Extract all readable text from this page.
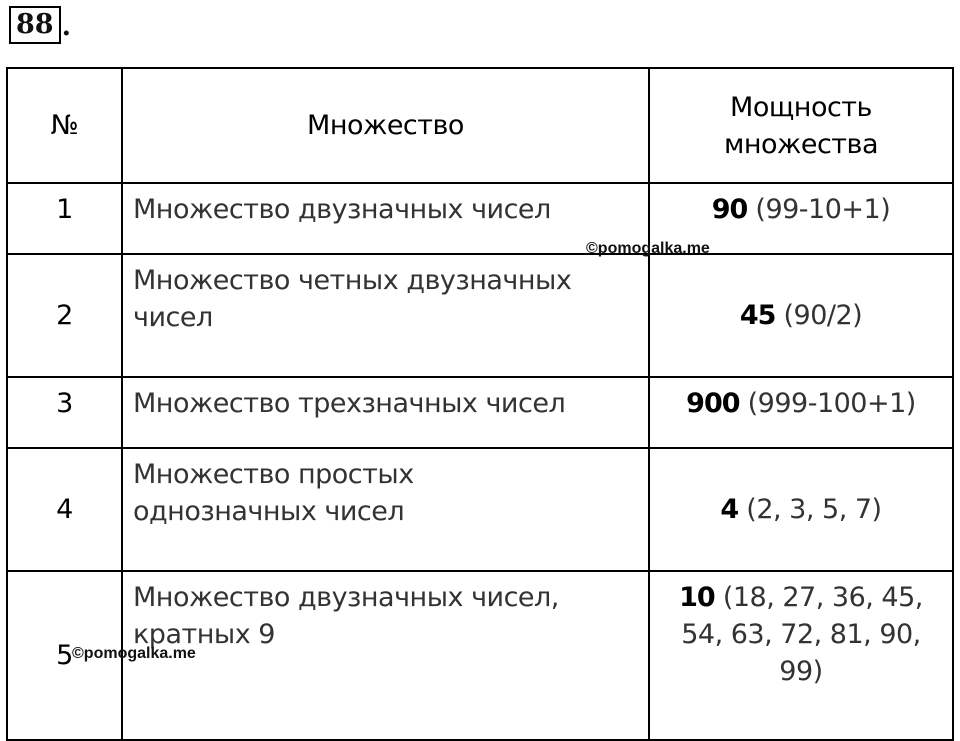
88 .
№	Множество	Мощность множества
1	Множество двузначных чисел	90 (99-10+1)
2	Множество четных двузначных чисел	45 (90/2)
3	Множество трехзначных чисел	900 (999-100+1)
4	Множество простых однозначных чисел	4 (2, 3, 5, 7)
5	Множество двузначных чисел, кратных 9	10 (18, 27, 36, 45, 54, 63, 72, 81, 90, 99)
©pomogalka.me
©pomogalka.me
